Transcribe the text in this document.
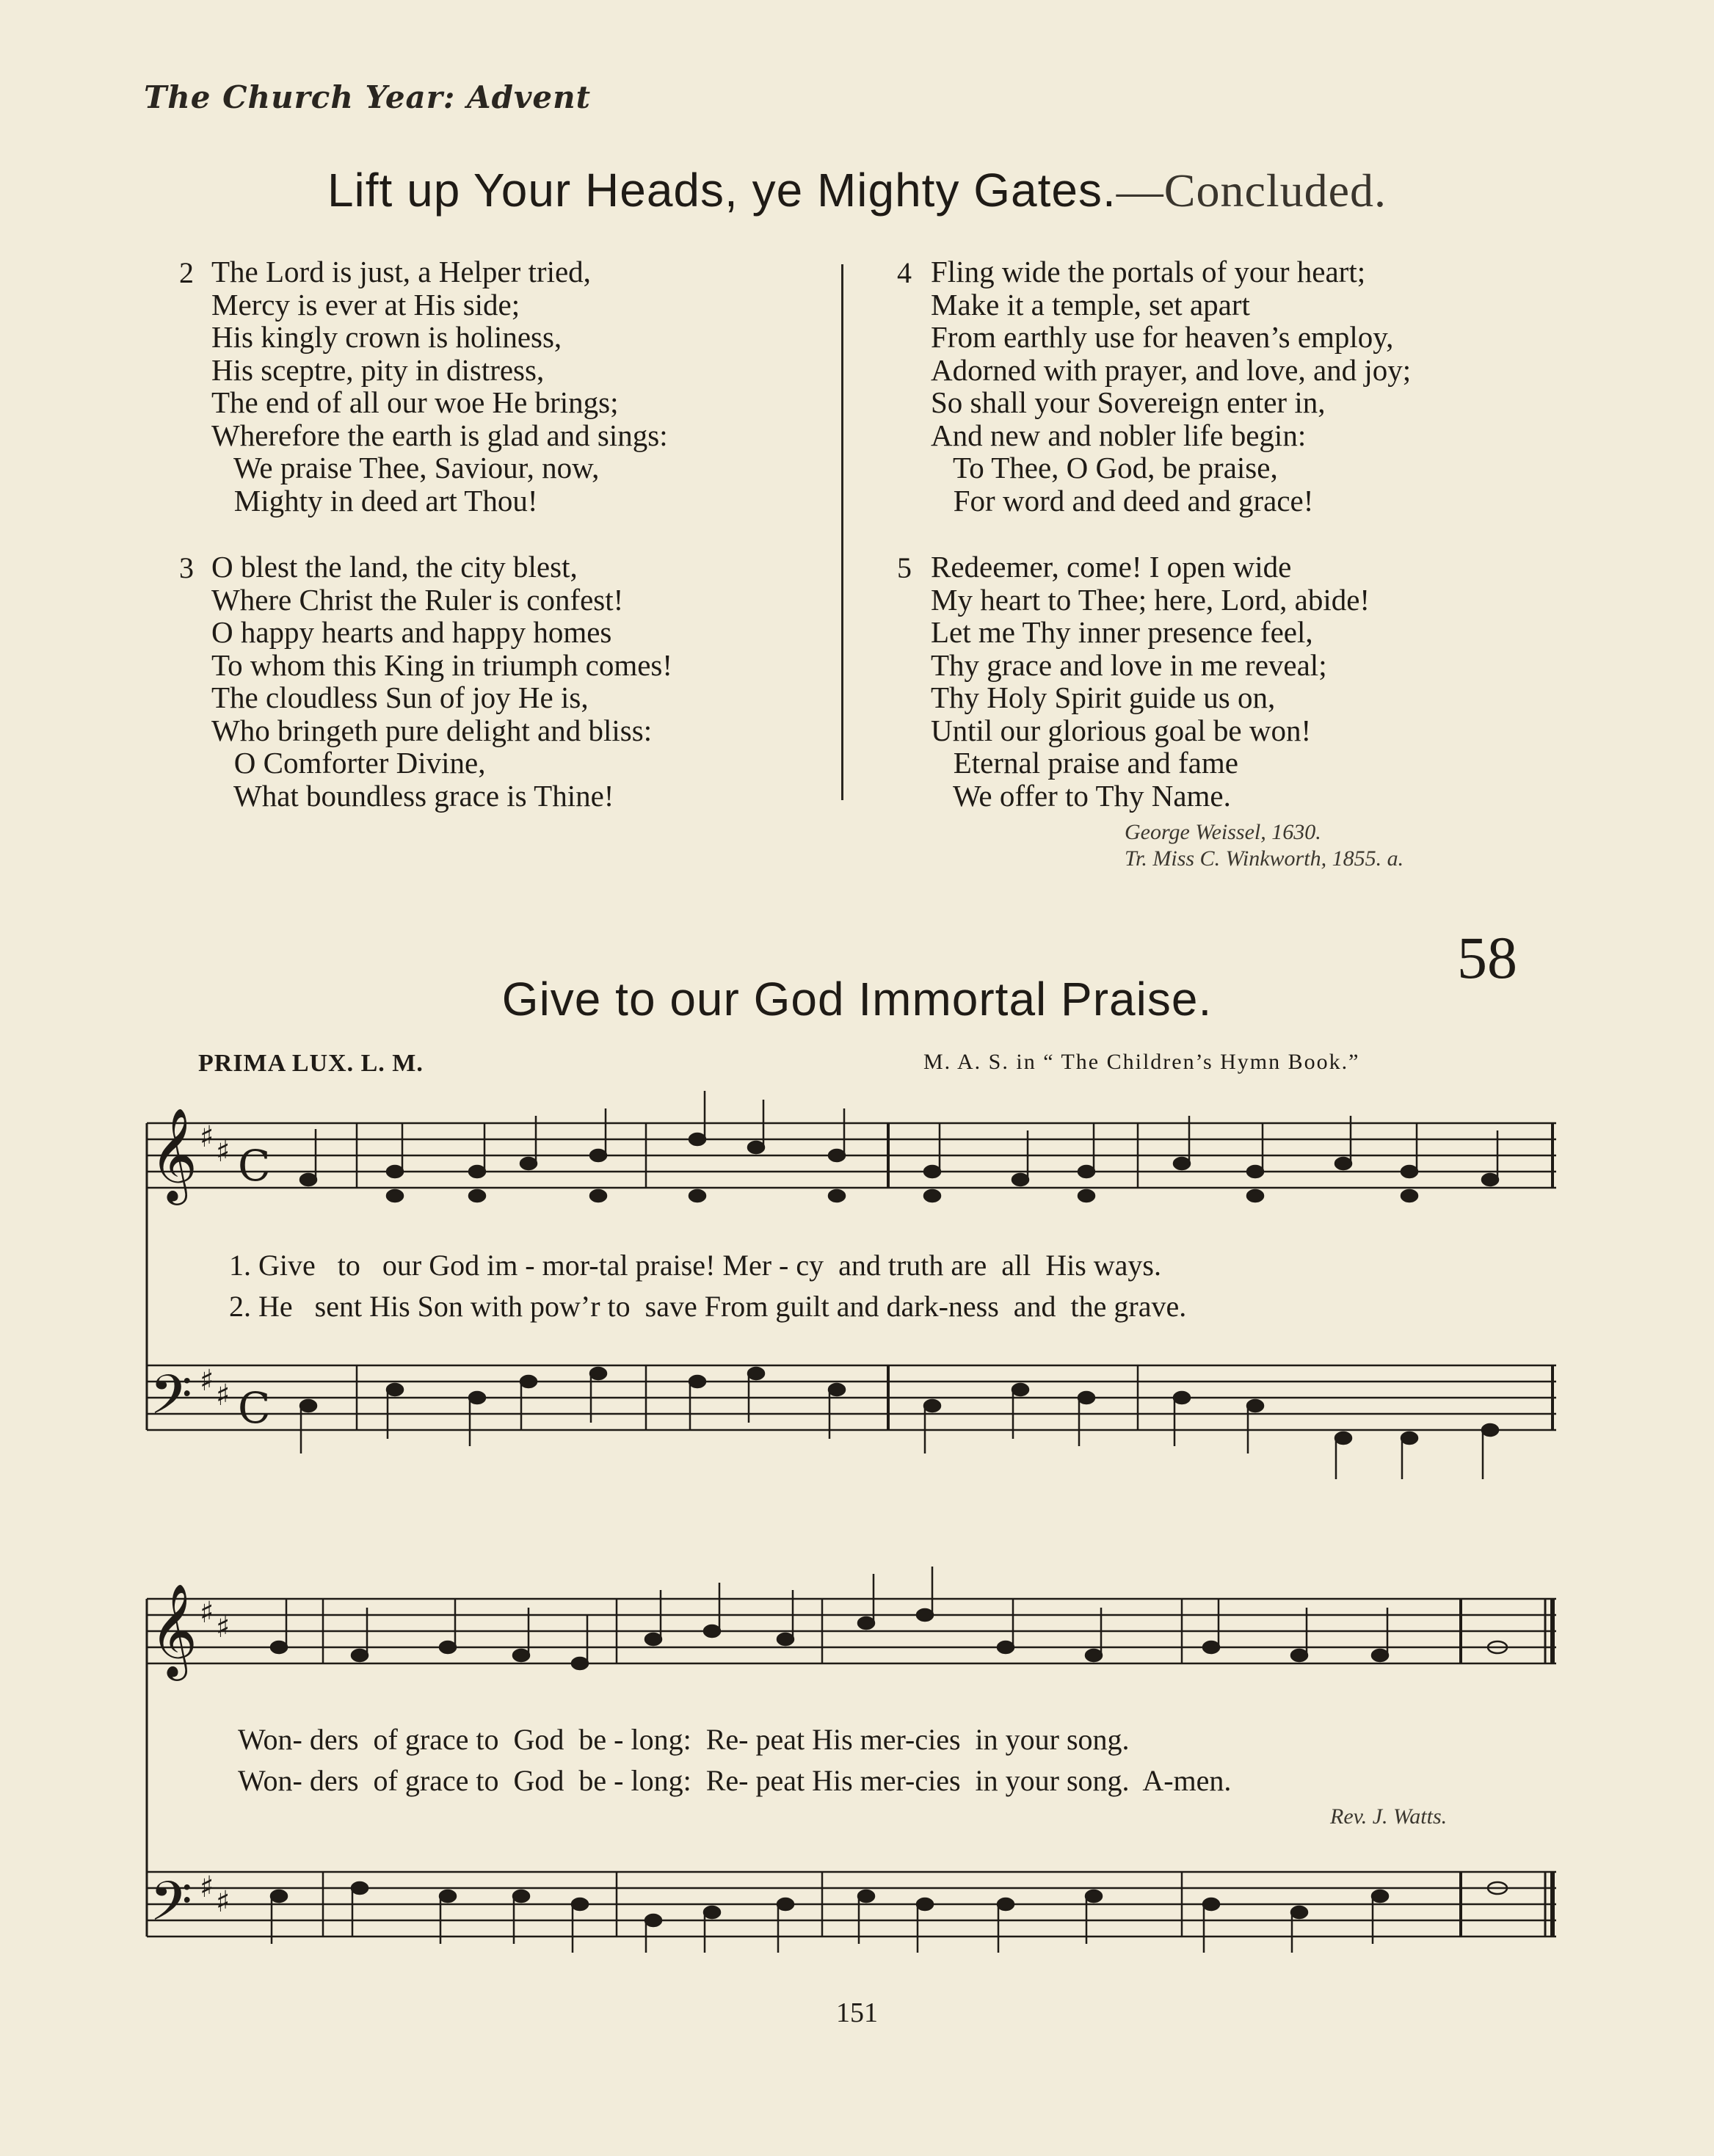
The Church Year: Advent
Lift up Your Heads, ye Mighty Gates.—Concluded.
2 The Lord is just, a Helper tried,
Mercy is ever at His side;
His kingly crown is holiness,
His sceptre, pity in distress,
The end of all our woe He brings;
Wherefore the earth is glad and sings:
We praise Thee, Saviour, now,
Mighty in deed art Thou!
3 O blest the land, the city blest,
Where Christ the Ruler is confest!
O happy hearts and happy homes
To whom this King in triumph comes!
The cloudless Sun of joy He is,
Who bringeth pure delight and bliss:
O Comforter Divine,
What boundless grace is Thine!
4 Fling wide the portals of your heart;
Make it a temple, set apart
From earthly use for heaven’s employ,
Adorned with prayer, and love, and joy;
So shall your Sovereign enter in,
And new and nobler life begin:
To Thee, O God, be praise,
For word and deed and grace!
5 Redeemer, come! I open wide
My heart to Thee; here, Lord, abide!
Let me Thy inner presence feel,
Thy grace and love in me reveal;
Thy Holy Spirit guide us on,
Until our glorious goal be won!
Eternal praise and fame
We offer to Thy Name.
George Weissel, 1630.
Tr. Miss C. Winkworth, 1855. a.
58
Give to our God Immortal Praise.
PRIMA LUX. L. M.	M. A. S. in “ The Children’s Hymn Book.”
𝄞
𝄢
♯ ♯
♯ ♯
C
C
1. Give   to   our God im - mor-tal praise! Mer - cy  and truth are  all  His ways.
2. He   sent His Son with pow’r to  save From guilt and dark-ness  and  the grave.
𝄞
𝄢
♯ ♯
♯ ♯
Won- ders  of grace to  God  be - long:  Re- peat His mer-cies  in your song.
Won- ders  of grace to  God  be - long:  Re- peat His mer-cies  in your song.  A-men.
Rev. J. Watts.
151
